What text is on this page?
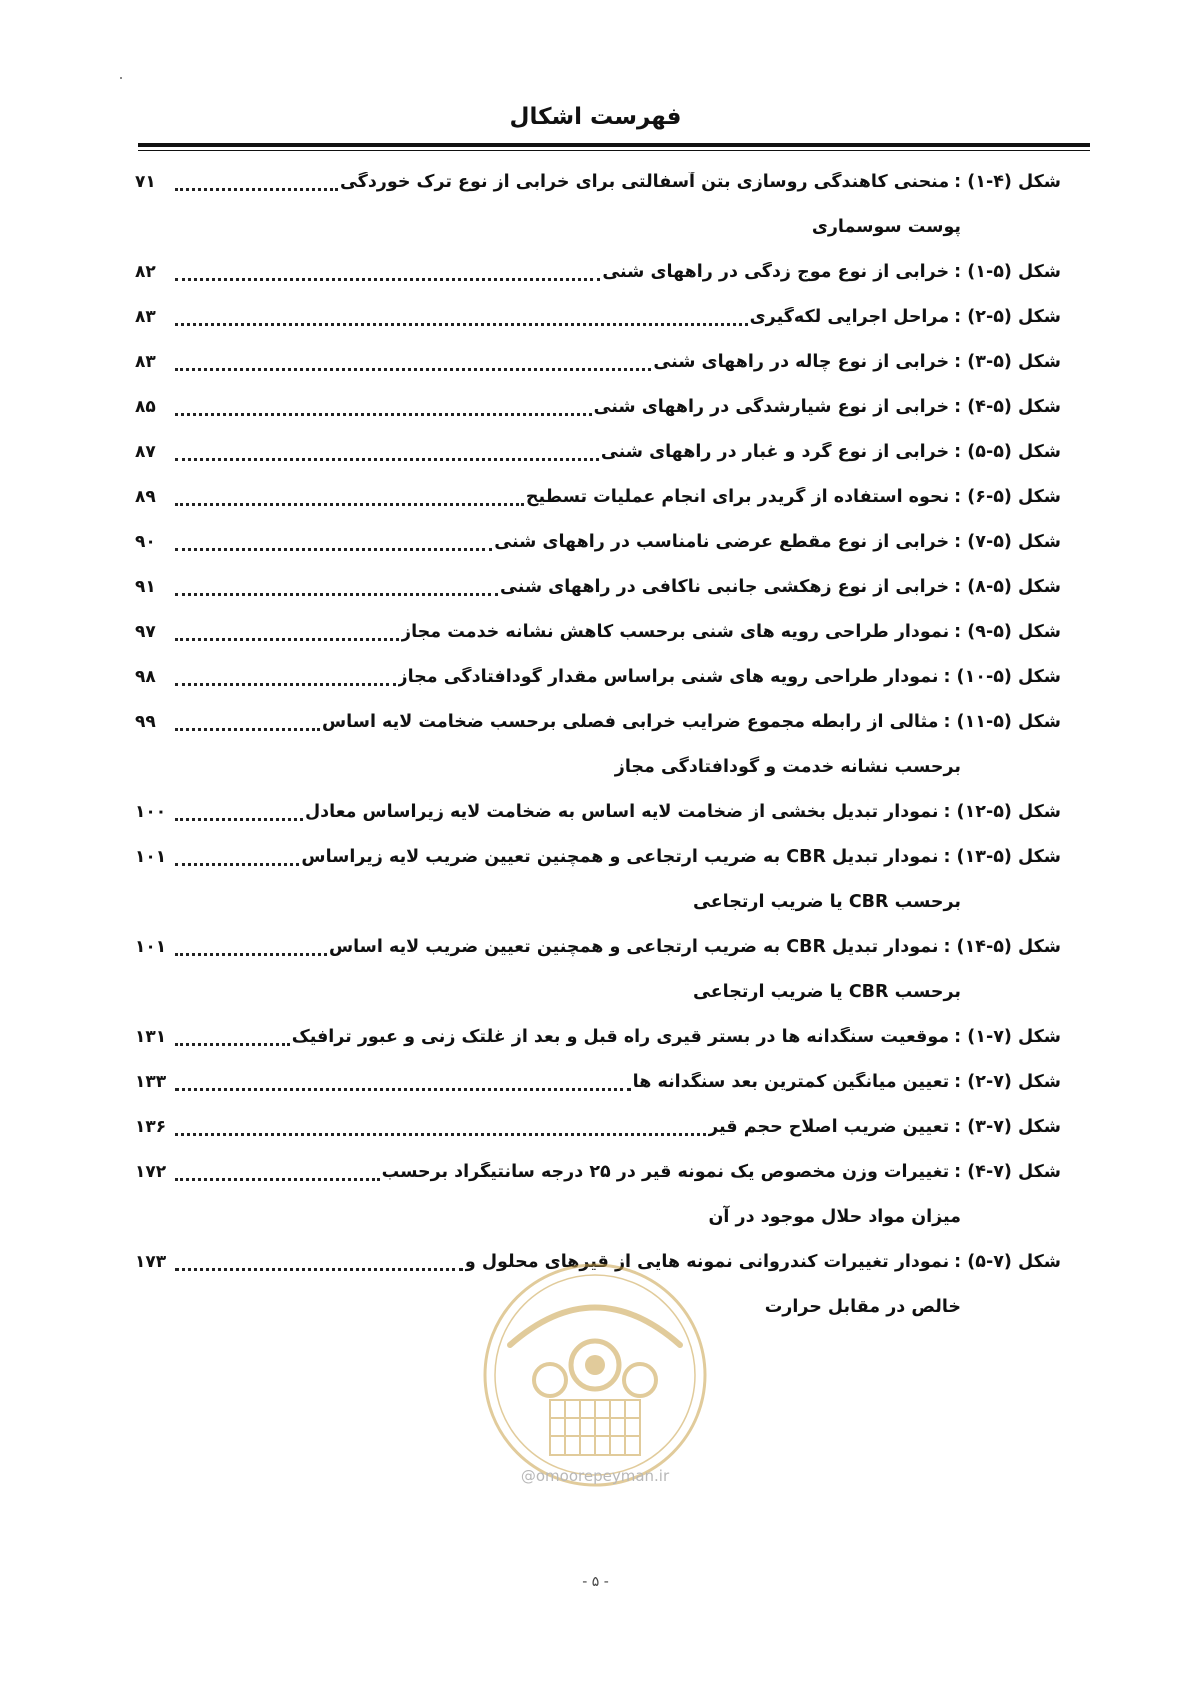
فهرست اشکال
شکل (۴-۱) :
منحنی کاهندگی روسازی بتن آسفالتی برای خرابی از نوع ترک خوردگی
۷۱
پوست سوسماری
شکل (۵-۱) :
خرابی از نوع موج زدگی در راههای شنی
۸۲
شکل (۵-۲) :
مراحل اجرایی لکه‌گیری
۸۳
شکل (۵-۳) :
خرابی از نوع چاله در راههای شنی
۸۳
شکل (۵-۴) :
خرابی از نوع شیارشدگی در راههای شنی
۸۵
شکل (۵-۵) :
خرابی از نوع گرد و غبار در راههای شنی
۸۷
شکل (۵-۶) :
نحوه استفاده از گریدر برای انجام عملیات تسطیح
۸۹
شکل (۵-۷) :
خرابی از نوع مقطع عرضی نامناسب در راههای شنی
۹۰
شکل (۵-۸) :
خرابی از نوع زهکشی جانبی ناکافی در راههای شنی
۹۱
شکل (۵-۹) :
نمودار طراحی رویه های شنی برحسب کاهش نشانه خدمت مجاز
۹۷
شکل (۵-۱۰) :
نمودار طراحی رویه های شنی براساس مقدار گودافتادگی مجاز
۹۸
شکل (۵-۱۱) :
مثالی از رابطه مجموع ضرایب خرابی فصلی برحسب ضخامت لایه اساس
۹۹
برحسب نشانه خدمت و گودافتادگی مجاز
شکل (۵-۱۲) :
نمودار تبدیل بخشی از ضخامت لایه اساس به ضخامت لایه زیراساس معادل
۱۰۰
شکل (۵-۱۳) :
نمودار تبدیل CBR به ضریب ارتجاعی و همچنین تعیین ضریب لایه زیراساس
۱۰۱
برحسب CBR یا ضریب ارتجاعی
شکل (۵-۱۴) :
نمودار تبدیل CBR به ضریب ارتجاعی و همچنین تعیین ضریب لایه اساس
۱۰۱
برحسب CBR یا ضریب ارتجاعی
شکل (۷-۱) :
موقعیت سنگدانه ها در بستر قیری راه قبل و بعد از غلتک زنی و عبور ترافیک
۱۳۱
شکل (۷-۲) :
تعیین میانگین کمترین بعد سنگدانه ها
۱۳۳
شکل (۷-۳) :
تعیین ضریب اصلاح حجم قیر
۱۳۶
شکل (۷-۴) :
تغییرات وزن مخصوص یک نمونه قیر در ۲۵ درجه سانتیگراد برحسب
۱۷۲
میزان مواد حلال موجود در آن
شکل (۷-۵) :
نمودار تغییرات کندروانی نمونه هایی از قیرهای محلول و
۱۷۳
خالص در مقابل حرارت
@omoorepeyman.ir
- ۵ -
